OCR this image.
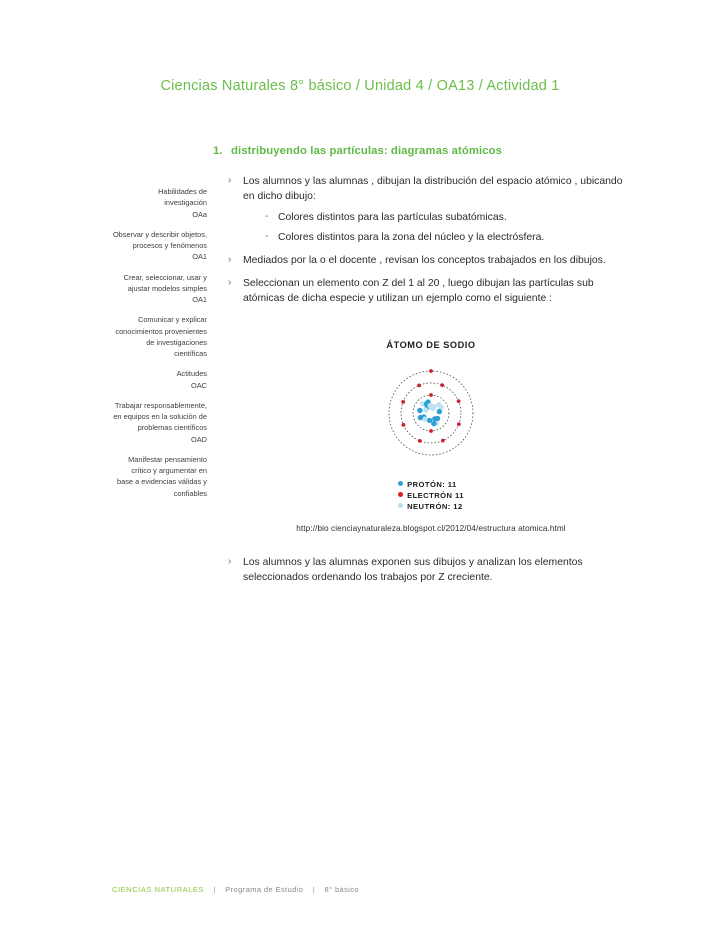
Ciencias Naturales 8° básico / Unidad 4 / OA13 / Actividad 1
1. distribuyendo las partículas: diagramas atómicos
Habilidades de
investigación
OAa
Observar y describir objetos,
procesos y fenómenos
OA1
Crear, seleccionar, usar y
ajustar modelos simples
OA1
Comunicar y explicar
conocimientos provenientes
de investigaciones
científicas
Actitudes
OAC
Trabajar responsablemente,
en equipos en la solución de
problemas científicos
OAD
Manifestar pensamiento
crítico y argumentar en
base a evidencias válidas y
confiables
› Los alumnos y las alumnas , dibujan la distribución del espacio atómico , ubicando en dicho dibujo:
- Colores distintos para las partículas subatómicas.
- Colores distintos para la zona del núcleo y la electrósfera.
› Mediados por la o el docente , revisan los conceptos trabajados en los dibujos.
› Seleccionan un elemento con Z del 1 al 20 , luego dibujan las partículas sub atómicas de dicha especie y utilizan un ejemplo como el siguiente :
ÁTOMO DE SODIO
PROTÓN: 11
ELECTRÓN 11
NEUTRÓN: 12
http://bio cienciaynaturaleza.blogspot.cl/2012/04/estructura atomica.html
› Los alumnos y las alumnas exponen sus dibujos y analizan los elementos seleccionados ordenando los trabajos por Z creciente.
CIENCIAS NATURALES | Programa de Estudio | 8° básico
